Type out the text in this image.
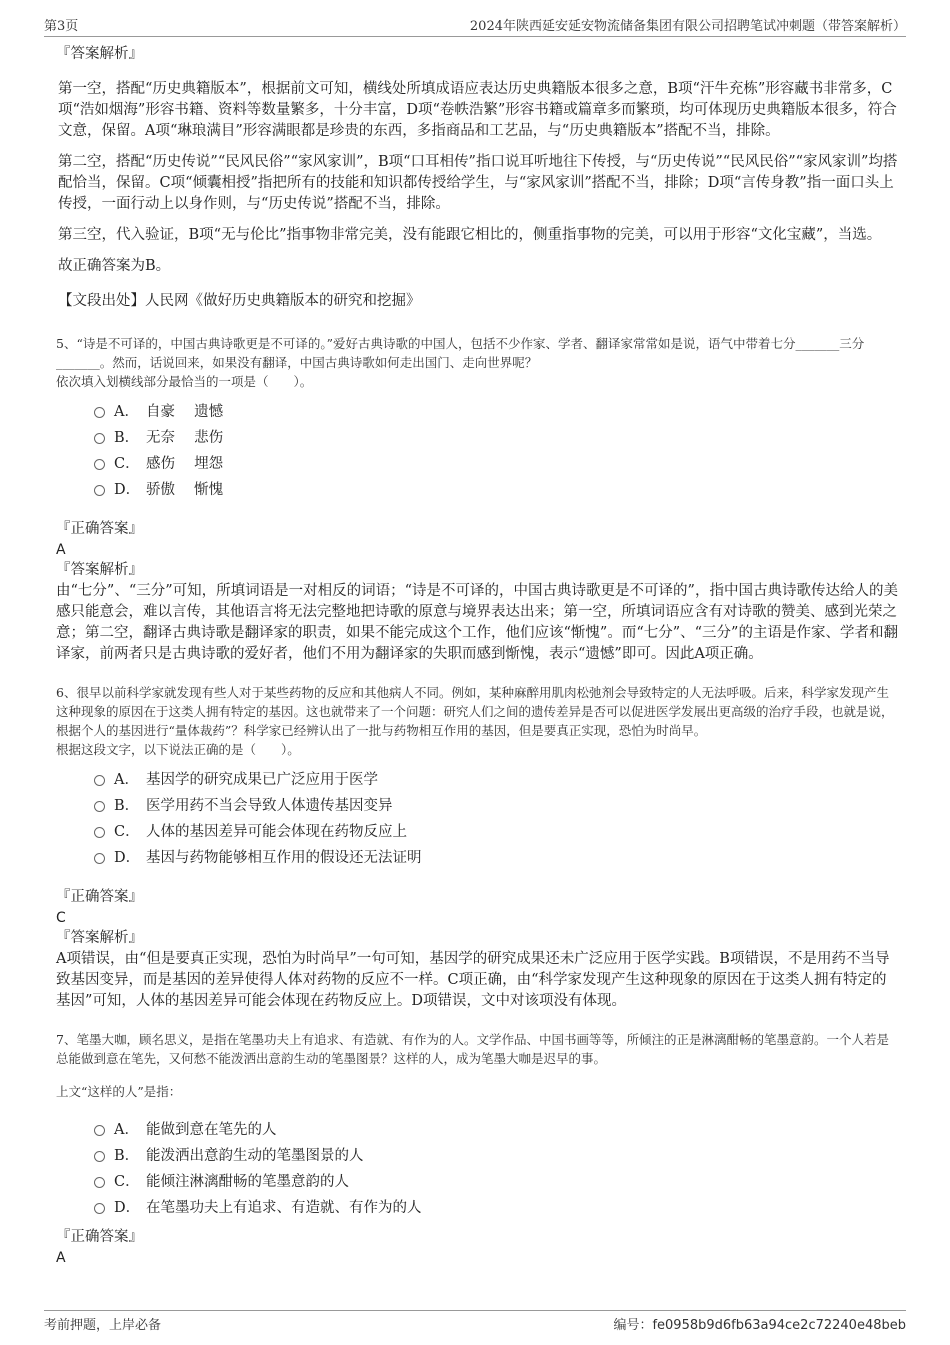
第3页	2024年陕西延安延安物流储备集团有限公司招聘笔试冲刺题（带答案解析）
『答案解析』

第一空，搭配“历史典籍版本”，根据前文可知，横线处所填成语应表达历史典籍版本很多之意，B项“汗牛充栋”形容藏书非常多，C项“浩如烟海”形容书籍、资料等数量繁多，十分丰富，D项“卷帙浩繁”形容书籍或篇章多而繁琐，均可体现历史典籍版本很多，符合文意，保留。A项“琳琅满目”形容满眼都是珍贵的东西，多指商品和工艺品，与“历史典籍版本”搭配不当，排除。

第二空，搭配“历史传说”“民风民俗”“家风家训”，B项“口耳相传”指口说耳听地往下传授，与“历史传说”“民风民俗”“家风家训”均搭配恰当，保留。C项“倾囊相授”指把所有的技能和知识都传授给学生，与“家风家训”搭配不当，排除；D项“言传身教”指一面口头上传授，一面行动上以身作则，与“历史传说”搭配不当，排除。

第三空，代入验证，B项“无与伦比”指事物非常完美，没有能跟它相比的，侧重指事物的完美，可以用于形容“文化宝藏”，当选。

故正确答案为B。

【文段出处】人民网《做好历史典籍版本的研究和挖掘》

5、“诗是不可译的，中国古典诗歌更是不可译的。”爱好古典诗歌的中国人，包括不少作家、学者、翻译家常常如是说，语气中带着七分_______三分_______。然而，话说回来，如果没有翻译，中国古典诗歌如何走出国门、走向世界呢？

依次填入划横线部分最恰当的一项是（　　）。

A． 自豪　 遗憾
B． 无奈　 悲伤
C． 感伤　 埋怨
D． 骄傲　 惭愧
『正确答案』
A
『答案解析』

由“七分”、“三分”可知，所填词语是一对相反的词语；“诗是不可译的，中国古典诗歌更是不可译的”，指中国古典诗歌传达给人的美感只能意会，难以言传，其他语言将无法完整地把诗歌的原意与境界表达出来；第一空，所填词语应含有对诗歌的赞美、感到光荣之意；第二空，翻译古典诗歌是翻译家的职责，如果不能完成这个工作，他们应该“惭愧”。而“七分”、“三分”的主语是作家、学者和翻译家，前两者只是古典诗歌的爱好者，他们不用为翻译家的失职而感到惭愧，表示“遗憾”即可。因此A项正确。

6、很早以前科学家就发现有些人对于某些药物的反应和其他病人不同。例如，某种麻醉用肌肉松弛剂会导致特定的人无法呼吸。后来，科学家发现产生这种现象的原因在于这类人拥有特定的基因。这也就带来了一个问题：研究人们之间的遗传差异是否可以促进医学发展出更高级的治疗手段，也就是说，根据个人的基因进行“量体裁药”？科学家已经辨认出了一批与药物相互作用的基因，但是要真正实现，恐怕为时尚早。

根据这段文字，以下说法正确的是（　　）。

A． 基因学的研究成果已广泛应用于医学
B． 医学用药不当会导致人体遗传基因变异
C． 人体的基因差异可能会体现在药物反应上
D． 基因与药物能够相互作用的假设还无法证明
『正确答案』
C
『答案解析』

A项错误，由“但是要真正实现，恐怕为时尚早”一句可知，基因学的研究成果还未广泛应用于医学实践。B项错误，不是用药不当导致基因变异，而是基因的差异使得人体对药物的反应不一样。C项正确，由“科学家发现产生这种现象的原因在于这类人拥有特定的基因”可知，人体的基因差异可能会体现在药物反应上。D项错误，文中对该项没有体现。

7、笔墨大咖，顾名思义，是指在笔墨功夫上有追求、有造就、有作为的人。文学作品、中国书画等等，所倾注的正是淋漓酣畅的笔墨意韵。一个人若是总能做到意在笔先，又何愁不能泼洒出意韵生动的笔墨图景？这样的人，成为笔墨大咖是迟早的事。

上文“这样的人”是指：

A． 能做到意在笔先的人
B． 能泼洒出意韵生动的笔墨图景的人
C． 能倾注淋漓酣畅的笔墨意韵的人
D． 在笔墨功夫上有追求、有造就、有作为的人
『正确答案』
A
考前押题，上岸必备	编号：fe0958b9d6fb63a94ce2c72240e48beb
